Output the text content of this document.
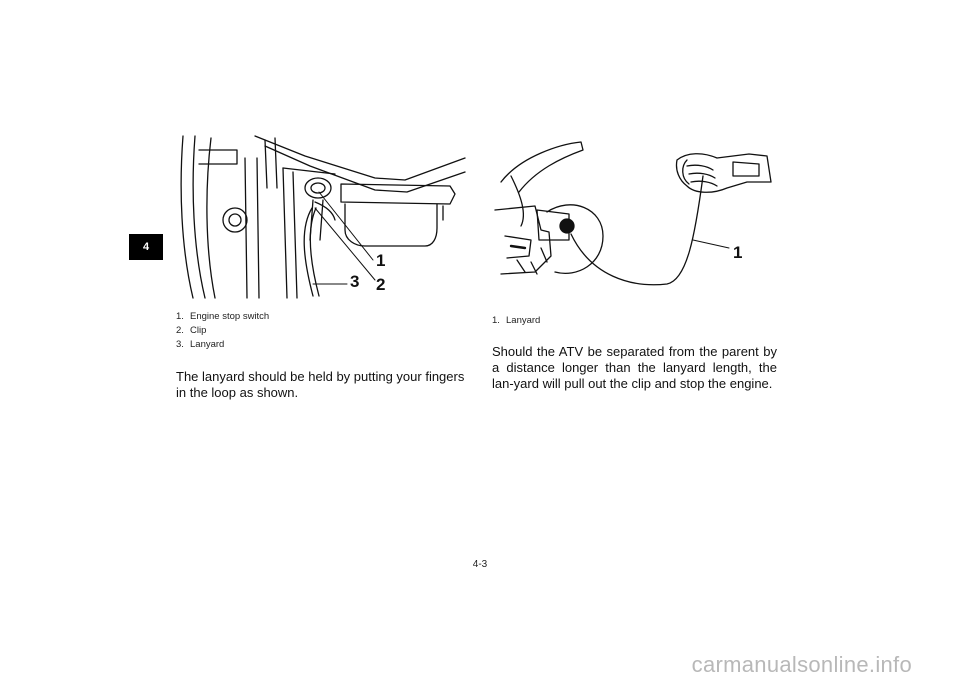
4
1
2
3
1. Engine stop switch
2. Clip
3. Lanyard

The lanyard should be held by putting your fingers in the loop as shown.

1
1. Lanyard

Should the ATV be separated from the parent by a distance longer than the lanyard length, the lan-yard will pull out the clip and stop the engine.

4-3
carmanualsonline.info
